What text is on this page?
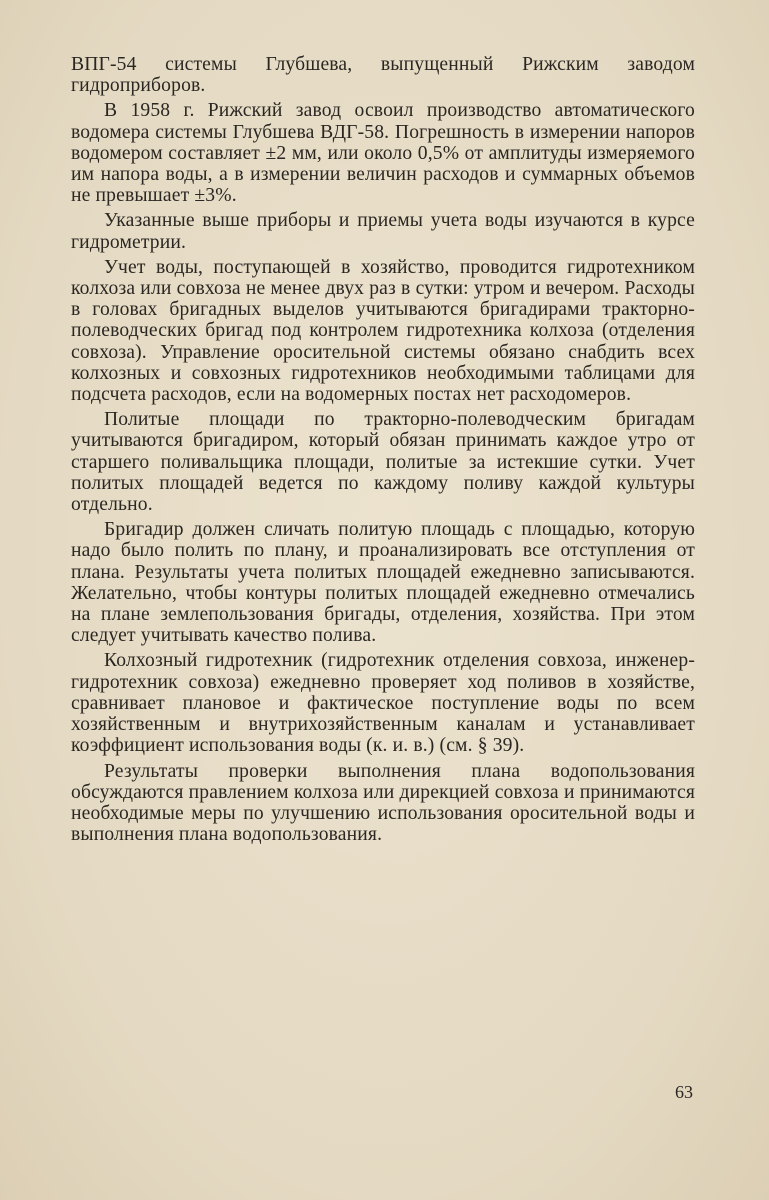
ВПГ-54 системы Глубшева, выпущенный Рижским заводом гидроприборов.

В 1958 г. Рижский завод освоил производство автоматического водомера системы Глубшева ВДГ-58. Погрешность в измерении напоров водомером составляет ±2 мм, или около 0,5% от амплитуды измеряемого им напора воды, а в измерении величин расходов и суммарных объемов не превышает ±3%.

Указанные выше приборы и приемы учета воды изучаются в курсе гидрометрии.

Учет воды, поступающей в хозяйство, проводится гидротехником колхоза или совхоза не менее двух раз в сутки: утром и вечером. Расходы в головах бригадных выделов учитываются бригадирами тракторно-полеводческих бригад под контролем гидротехника колхоза (отделения совхоза). Управление оросительной системы обязано снабдить всех колхозных и совхозных гидротехников необходимыми таблицами для подсчета расходов, если на водомерных постах нет расходомеров.

Политые площади по тракторно-полеводческим бригадам учитываются бригадиром, который обязан принимать каждое утро от старшего поливальщика площади, политые за истекшие сутки. Учет политых площадей ведется по каждому поливу каждой культуры отдельно.

Бригадир должен сличать политую площадь с площадью, которую надо было полить по плану, и проанализировать все отступления от плана. Результаты учета политых площадей ежедневно записываются. Желательно, чтобы контуры политых площадей ежедневно отмечались на плане землепользования бригады, отделения, хозяйства. При этом следует учитывать качество полива.

Колхозный гидротехник (гидротехник отделения совхоза, инженер-гидротехник совхоза) ежедневно проверяет ход поливов в хозяйстве, сравнивает плановое и фактическое поступление воды по всем хозяйственным и внутрихозяйственным каналам и устанавливает коэффициент использования воды (к. и. в.) (см. § 39).

Результаты проверки выполнения плана водопользования обсуждаются правлением колхоза или дирекцией совхоза и принимаются необходимые меры по улучшению использования оросительной воды и выполнения плана водопользования.

63
